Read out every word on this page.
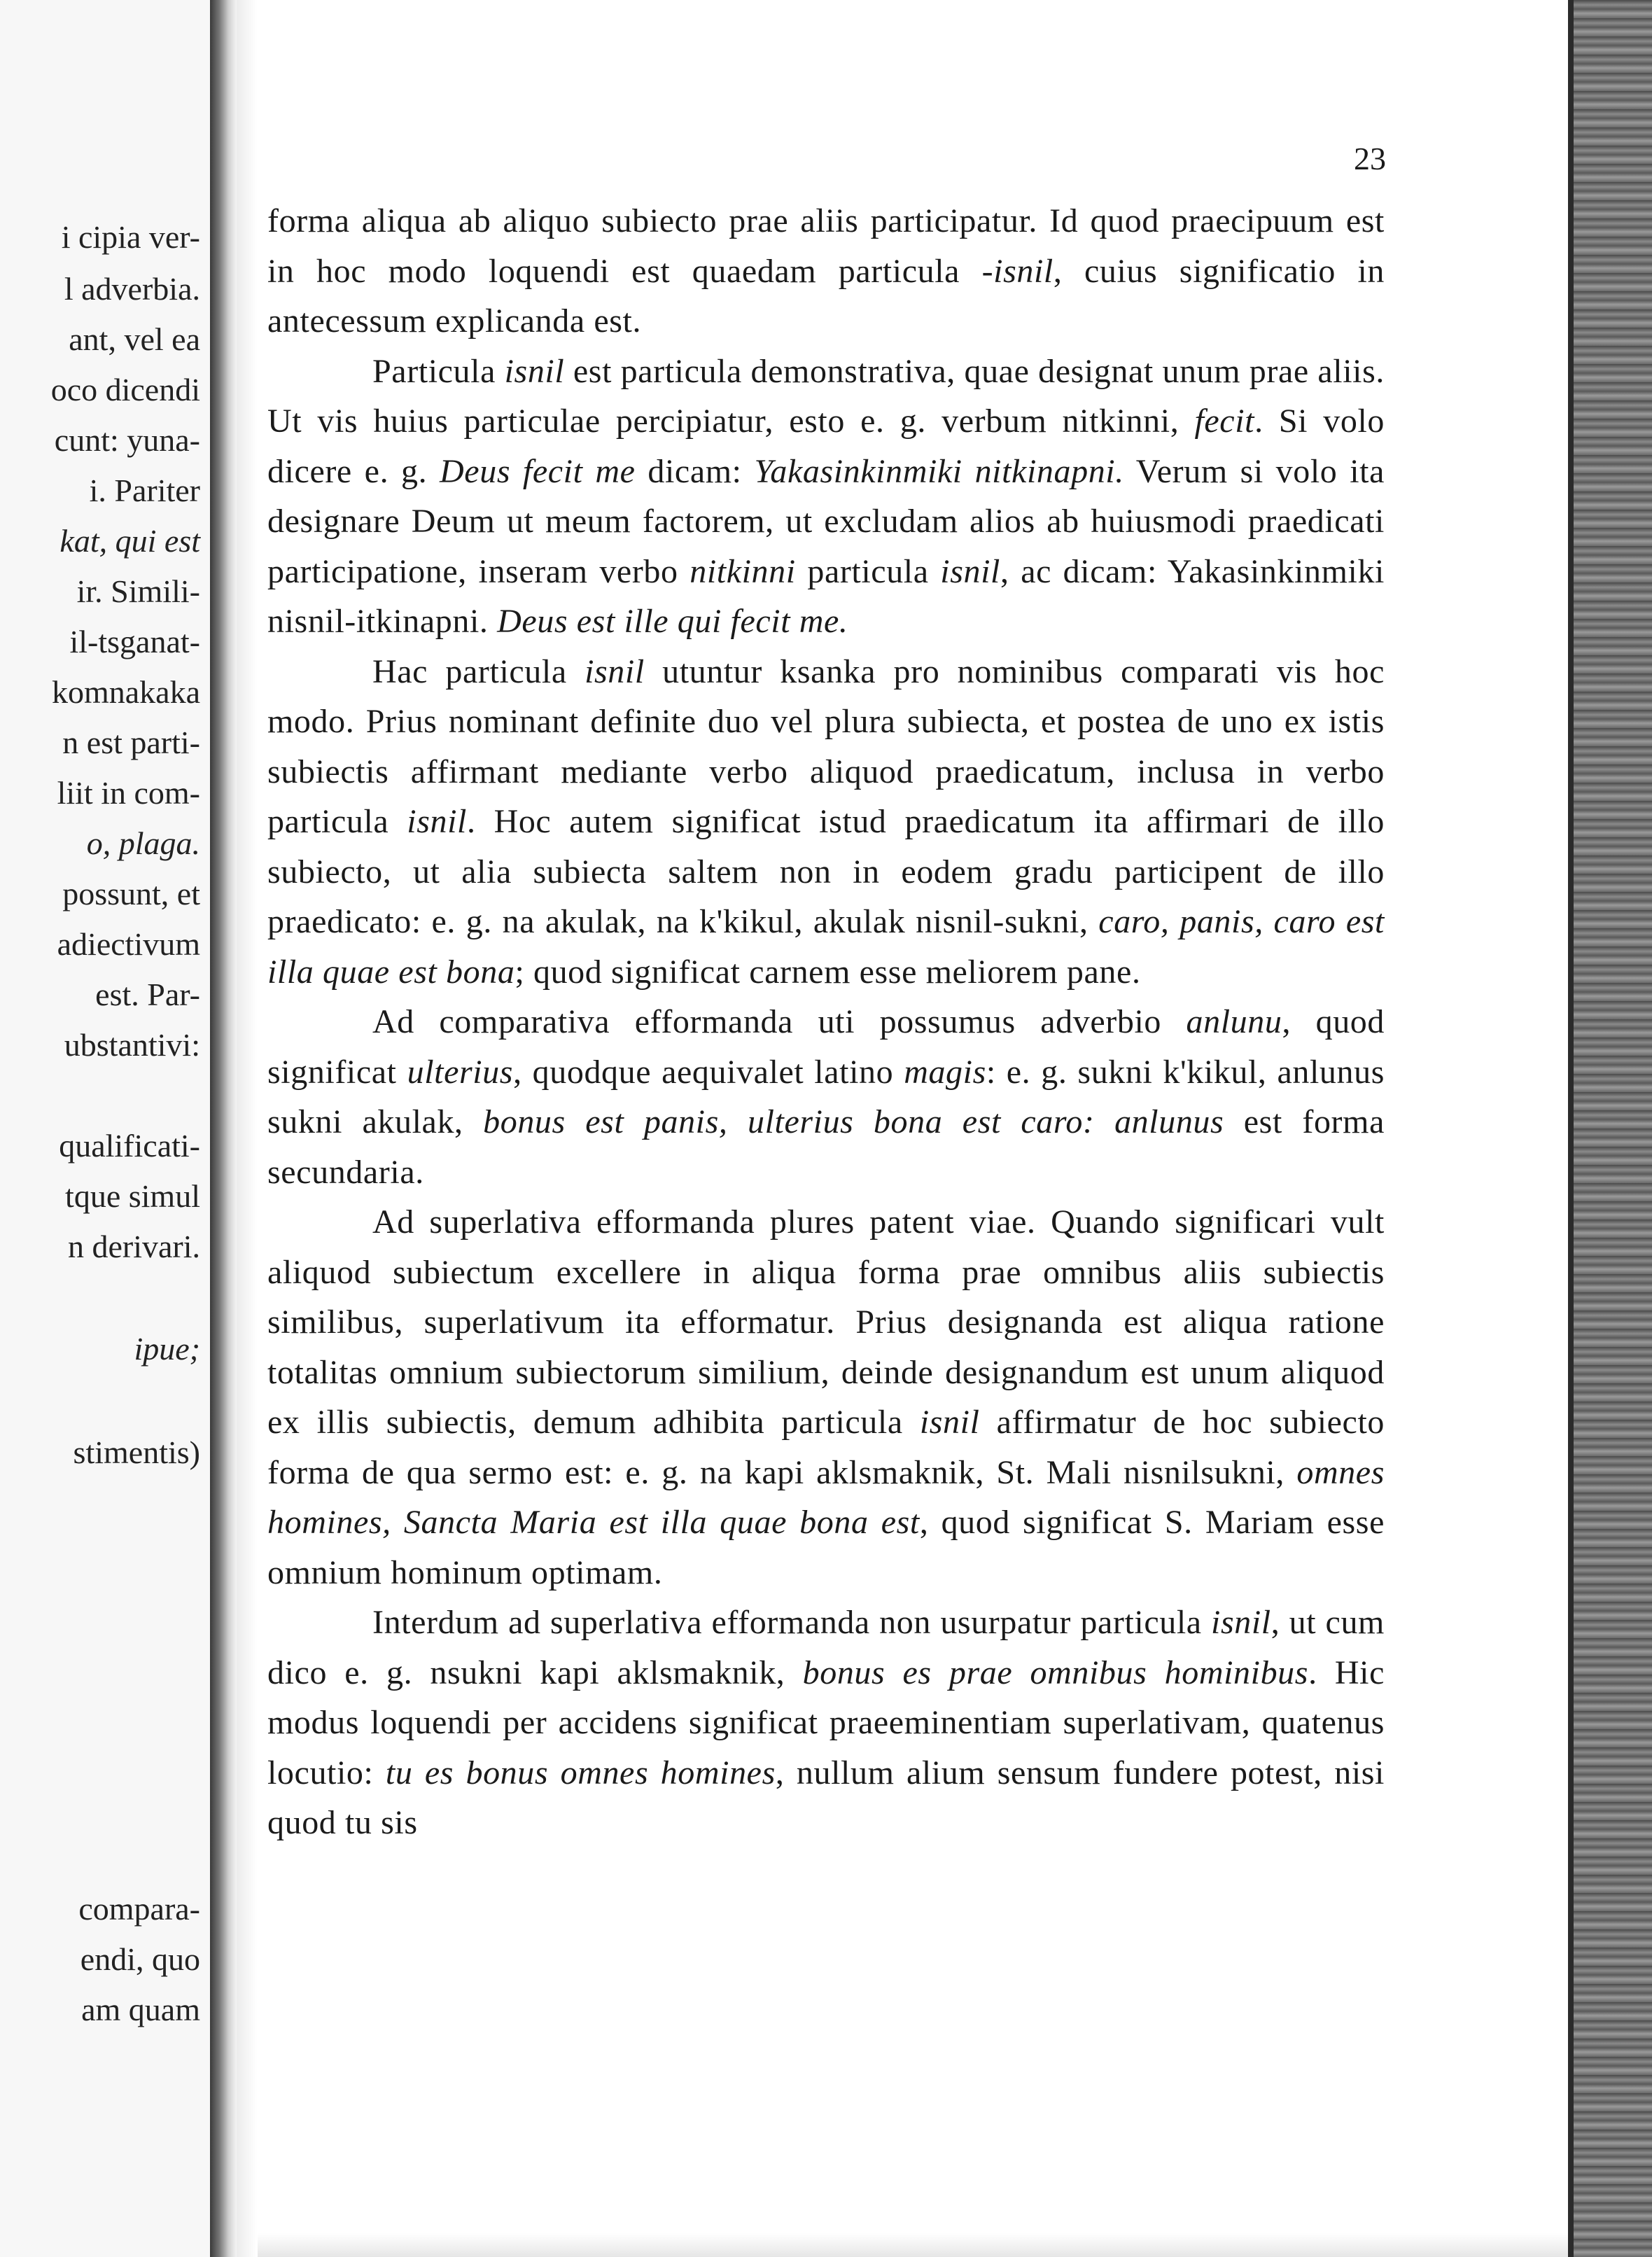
i cipia ver-
l adverbia.
ant, vel ea
oco dicendi
cunt: yuna-
i. Pariter
kat, qui est
ir. Simili-
il-tsganat-
komnakaka
n est parti-
liit in com-
o, plaga.
possunt, et
adiectivum
est. Par-
ubstantivi:
qualificati-
tque simul
n derivari.
ipue;
stimentis)
compara-
endi, quo
am quam
23

forma aliqua ab aliquo subiecto prae aliis participatur. Id quod praecipuum est in hoc modo loquendi est quaedam particula -isnil, cuius significatio in antecessum explicanda est.

Particula isnil est particula demonstrativa, quae designat unum prae aliis. Ut vis huius particulae percipiatur, esto e. g. verbum nitkinni, fecit. Si volo dicere e. g. Deus fecit me dicam: Yakasinkinmiki nitkinapni. Verum si volo ita designare Deum ut meum factorem, ut excludam alios ab huiusmodi praedicati participatione, inseram verbo nitkinni particula isnil, ac dicam: Yakasinkinmiki nisnil-itkinapni. Deus est ille qui fecit me.

Hac particula isnil utuntur ksanka pro nominibus comparati vis hoc modo. Prius nominant definite duo vel plura subiecta, et postea de uno ex istis subiectis affirmant mediante verbo aliquod praedicatum, inclusa in verbo particula isnil. Hoc autem significat istud praedicatum ita affirmari de illo subiecto, ut alia subiecta saltem non in eodem gradu participent de illo praedicato: e. g. na akulak, na k'kikul, akulak nisnil-sukni, caro, panis, caro est illa quae est bona; quod significat carnem esse meliorem pane.

Ad comparativa efformanda uti possumus adverbio anlunu, quod significat ulterius, quodque aequivalet latino magis: e. g. sukni k'kikul, anlunus sukni akulak, bonus est panis, ulterius bona est caro: anlunus est forma secundaria.

Ad superlativa efformanda plures patent viae. Quando significari vult aliquod subiectum excellere in aliqua forma prae omnibus aliis subiectis similibus, superlativum ita efformatur. Prius designanda est aliqua ratione totalitas omnium subiectorum similium, deinde designandum est unum aliquod ex illis subiectis, demum adhibita particula isnil affirmatur de hoc subiecto forma de qua sermo est: e. g. na kapi aklsmaknik, St. Mali nisnilsukni, omnes homines, Sancta Maria est illa quae bona est, quod significat S. Mariam esse omnium hominum optimam.

Interdum ad superlativa efformanda non usurpatur particula isnil, ut cum dico e. g. nsukni kapi aklsmaknik, bonus es prae omnibus hominibus. Hic modus loquendi per accidens significat praeeminentiam superlativam, quatenus locutio: tu es bonus omnes homines, nullum alium sensum fundere potest, nisi quod tu sis
